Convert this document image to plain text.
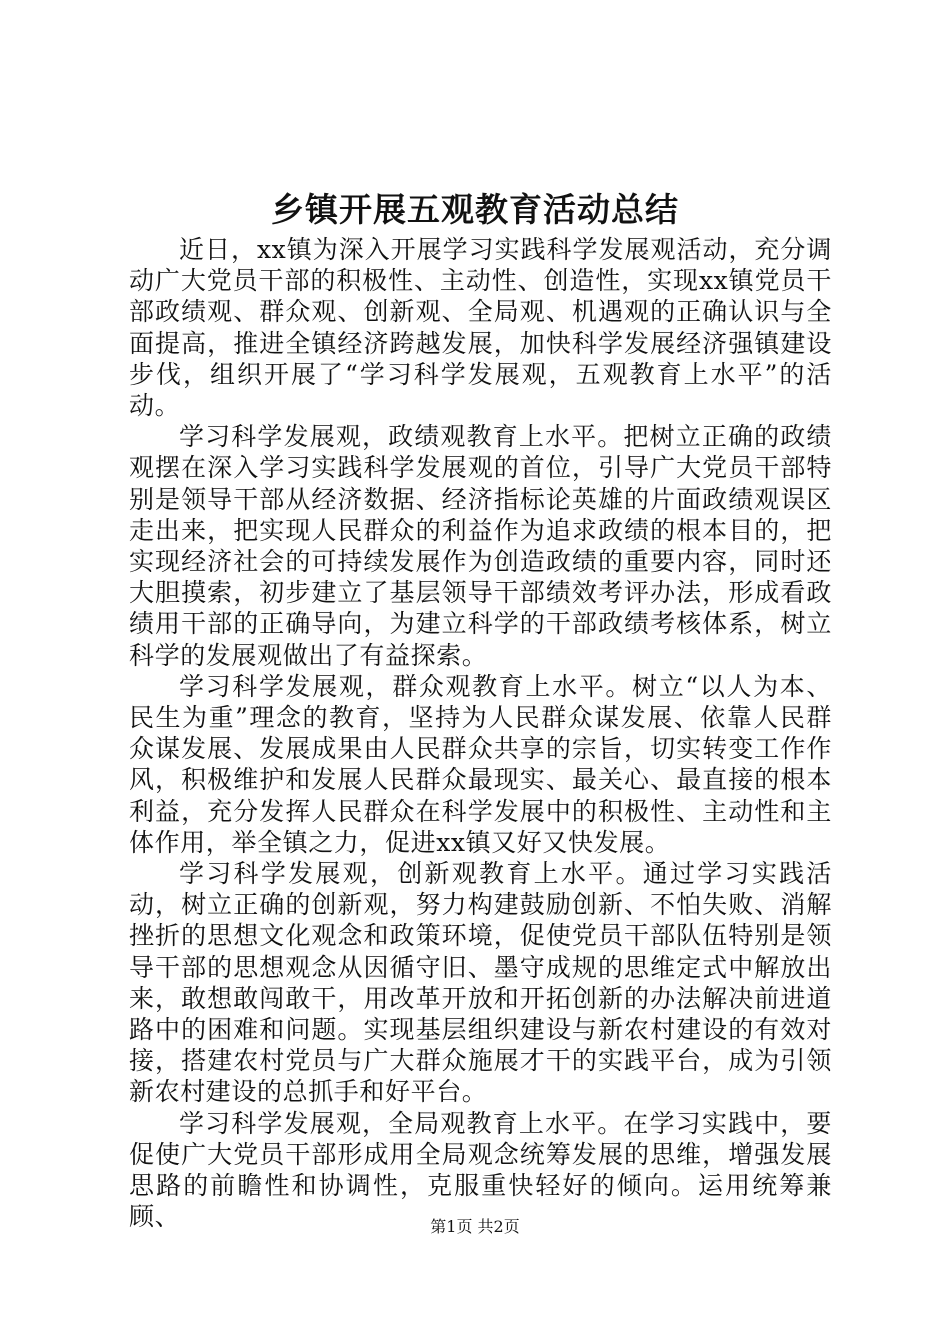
乡镇开展五观教育活动总结

近日，xx镇为深入开展学习实践科学发展观活动，充分调动广大党员干部的积极性、主动性、创造性，实现xx镇党员干部政绩观、群众观、创新观、全局观、机遇观的正确认识与全面提高，推进全镇经济跨越发展，加快科学发展经济强镇建设步伐，组织开展了“学习科学发展观，五观教育上水平”的活动。

学习科学发展观，政绩观教育上水平。把树立正确的政绩观摆在深入学习实践科学发展观的首位，引导广大党员干部特别是领导干部从经济数据、经济指标论英雄的片面政绩观误区走出来，把实现人民群众的利益作为追求政绩的根本目的，把实现经济社会的可持续发展作为创造政绩的重要内容，同时还大胆摸索，初步建立了基层领导干部绩效考评办法，形成看政绩用干部的正确导向，为建立科学的干部政绩考核体系，树立科学的发展观做出了有益探索。

学习科学发展观，群众观教育上水平。树立“以人为本、民生为重”理念的教育，坚持为人民群众谋发展、依靠人民群众谋发展、发展成果由人民群众共享的宗旨，切实转变工作作风，积极维护和发展人民群众最现实、最关心、最直接的根本利益，充分发挥人民群众在科学发展中的积极性、主动性和主体作用，举全镇之力，促进xx镇又好又快发展。

学习科学发展观，创新观教育上水平。通过学习实践活动，树立正确的创新观，努力构建鼓励创新、不怕失败、消解挫折的思想文化观念和政策环境，促使党员干部队伍特别是领导干部的思想观念从因循守旧、墨守成规的思维定式中解放出来，敢想敢闯敢干，用改革开放和开拓创新的办法解决前进道路中的困难和问题。实现基层组织建设与新农村建设的有效对接，搭建农村党员与广大群众施展才干的实践平台，成为引领新农村建设的总抓手和好平台。

学习科学发展观，全局观教育上水平。在学习实践中，要促使广大党员干部形成用全局观念统筹发展的思维，增强发展思路的前瞻性和协调性，克服重快轻好的倾向。运用统筹兼顾、	第1页 共2页
